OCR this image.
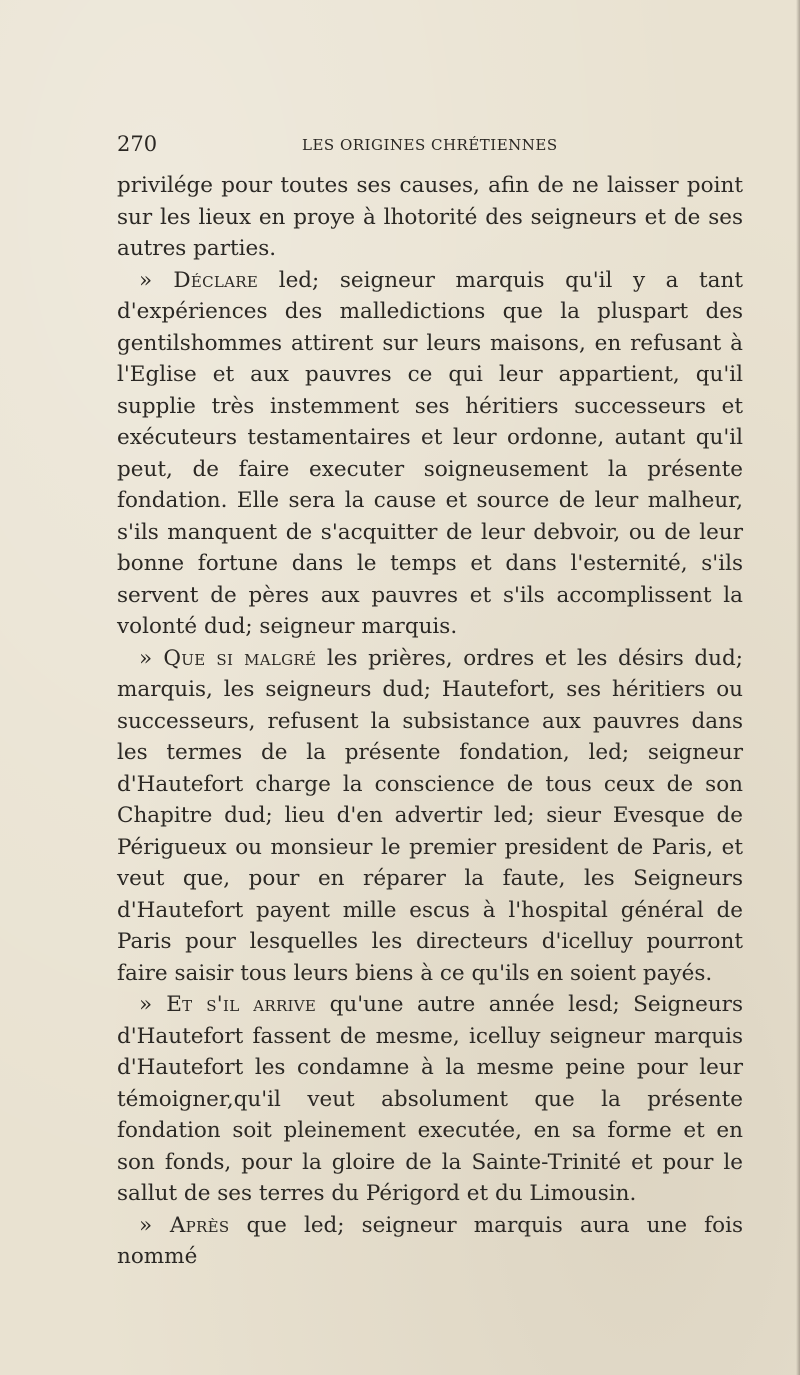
270	LES ORIGINES CHRÉTIENNES

privilége pour toutes ses causes, afin de ne laisser point sur les lieux en proye à lhotorité des seigneurs et de ses autres parties.

» Déclare led; seigneur marquis qu'il y a tant d'expériences des malledictions que la pluspart des gentilshommes attirent sur leurs maisons, en refusant à l'Eglise et aux pauvres ce qui leur appartient, qu'il supplie très instemment ses héritiers successeurs et exécuteurs testamentaires et leur ordonne, autant qu'il peut, de faire executer soigneusement la présente fondation. Elle sera la cause et source de leur malheur, s'ils manquent de s'acquitter de leur debvoir, ou de leur bonne fortune dans le temps et dans l'esternité, s'ils servent de pères aux pauvres et s'ils accomplissent la volonté dud; seigneur marquis.

» Que si malgré les prières, ordres et les désirs dud; marquis, les seigneurs dud; Hautefort, ses héritiers ou successeurs, refusent la subsistance aux pauvres dans les termes de la présente fondation, led; seigneur d'Hautefort charge la conscience de tous ceux de son Chapitre dud; lieu d'en advertir led; sieur Evesque de Périgueux ou monsieur le premier president de Paris, et veut que, pour en réparer la faute, les Seigneurs d'Hautefort payent mille escus à l'hospital général de Paris pour lesquelles les directeurs d'icelluy pourront faire saisir tous leurs biens à ce qu'ils en soient payés.

» Et s'il arrive qu'une autre année lesd; Seigneurs d'Hautefort fassent de mesme, icelluy seigneur marquis d'Hautefort les condamne à la mesme peine pour leur témoigner,qu'il veut absolument que la présente fondation soit pleinement executée, en sa forme et en son fonds, pour la gloire de la Sainte-Trinité et pour le sallut de ses terres du Périgord et du Limousin.

» Après que led; seigneur marquis aura une fois nommé
